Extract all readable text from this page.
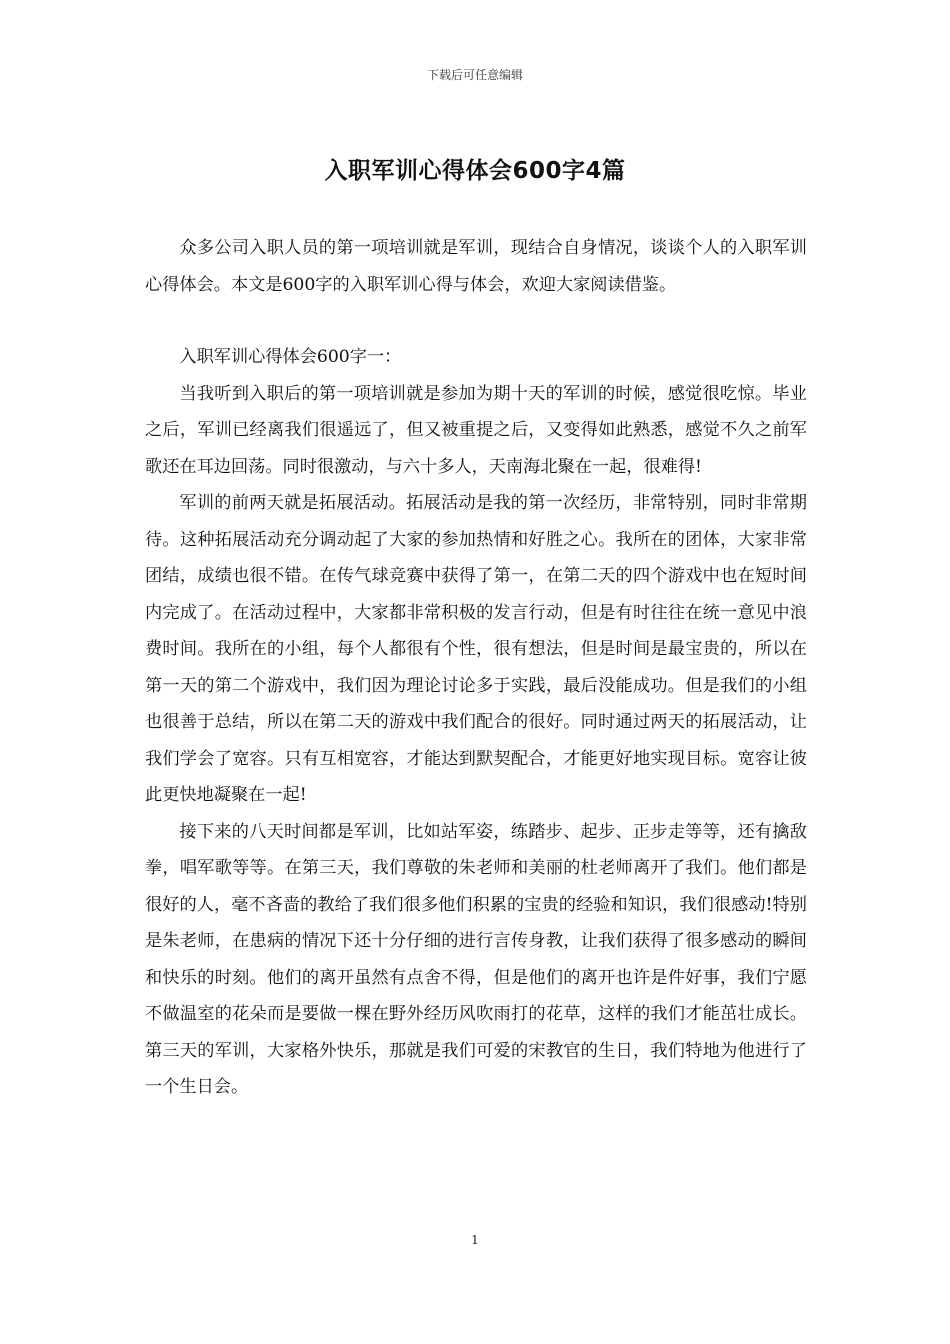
下载后可任意编辑
入职军训心得体会600字4篇

众多公司入职人员的第一项培训就是军训，现结合自身情况，谈谈个人的入职军训心得体会。本文是600字的入职军训心得与体会，欢迎大家阅读借鉴。

入职军训心得体会600字一：

当我听到入职后的第一项培训就是参加为期十天的军训的时候，感觉很吃惊。毕业之后，军训已经离我们很遥远了，但又被重提之后，又变得如此熟悉，感觉不久之前军歌还在耳边回荡。同时很激动，与六十多人，天南海北聚在一起，很难得!

军训的前两天就是拓展活动。拓展活动是我的第一次经历，非常特别，同时非常期待。这种拓展活动充分调动起了大家的参加热情和好胜之心。我所在的团体，大家非常团结，成绩也很不错。在传气球竞赛中获得了第一，在第二天的四个游戏中也在短时间内完成了。在活动过程中，大家都非常积极的发言行动，但是有时往往在统一意见中浪费时间。我所在的小组，每个人都很有个性，很有想法，但是时间是最宝贵的，所以在第一天的第二个游戏中，我们因为理论讨论多于实践，最后没能成功。但是我们的小组也很善于总结，所以在第二天的游戏中我们配合的很好。同时通过两天的拓展活动，让我们学会了宽容。只有互相宽容，才能达到默契配合，才能更好地实现目标。宽容让彼此更快地凝聚在一起!

接下来的八天时间都是军训，比如站军姿，练踏步、起步、正步走等等，还有擒敌拳，唱军歌等等。在第三天，我们尊敬的朱老师和美丽的杜老师离开了我们。他们都是很好的人，毫不吝啬的教给了我们很多他们积累的宝贵的经验和知识，我们很感动!特别是朱老师，在患病的情况下还十分仔细的进行言传身教，让我们获得了很多感动的瞬间和快乐的时刻。他们的离开虽然有点舍不得，但是他们的离开也许是件好事，我们宁愿不做温室的花朵而是要做一棵在野外经历风吹雨打的花草，这样的我们才能茁壮成长。第三天的军训，大家格外快乐，那就是我们可爱的宋教官的生日，我们特地为他进行了一个生日会。

1
